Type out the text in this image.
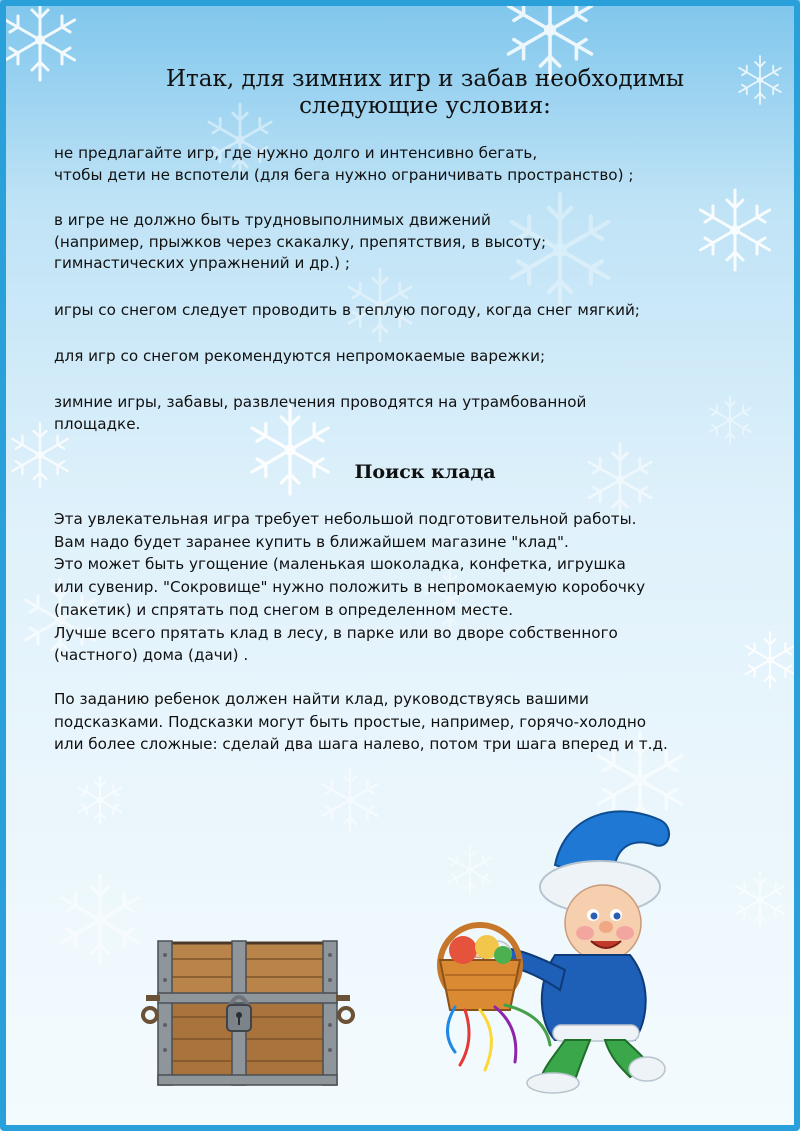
Итак, для зимних игр и забав необходимы
следующие условия:
не предлагайте игр, где нужно долго и интенсивно бегать,
чтобы дети не вспотели (для бега нужно ограничивать пространство) ;
в игре не должно быть трудновыполнимых движений
(например, прыжков через скакалку, препятствия, в высоту;
гимнастических упражнений и др.) ;
игры со снегом следует проводить в теплую погоду, когда снег мягкий;
для игр со снегом рекомендуются непромокаемые варежки;
зимние игры, забавы, развлечения проводятся на утрамбованной
площадке.
Поиск клада
Эта увлекательная игра требует небольшой подготовительной работы.
Вам надо будет заранее купить в ближайшем магазине "клад".
Это может быть угощение (маленькая шоколадка, конфетка, игрушка
или сувенир. "Сокровище" нужно положить в непромокаемую коробочку
(пакетик) и спрятать под снегом в определенном месте.
Лучше всего прятать клад в лесу, в парке или во дворе собственного
(частного) дома (дачи) .
По заданию ребенок должен найти клад, руководствуясь вашими
подсказками. Подсказки могут быть простые, например, горячо-холодно
или более сложные: сделай два шага налево, потом три шага вперед и т.д.
